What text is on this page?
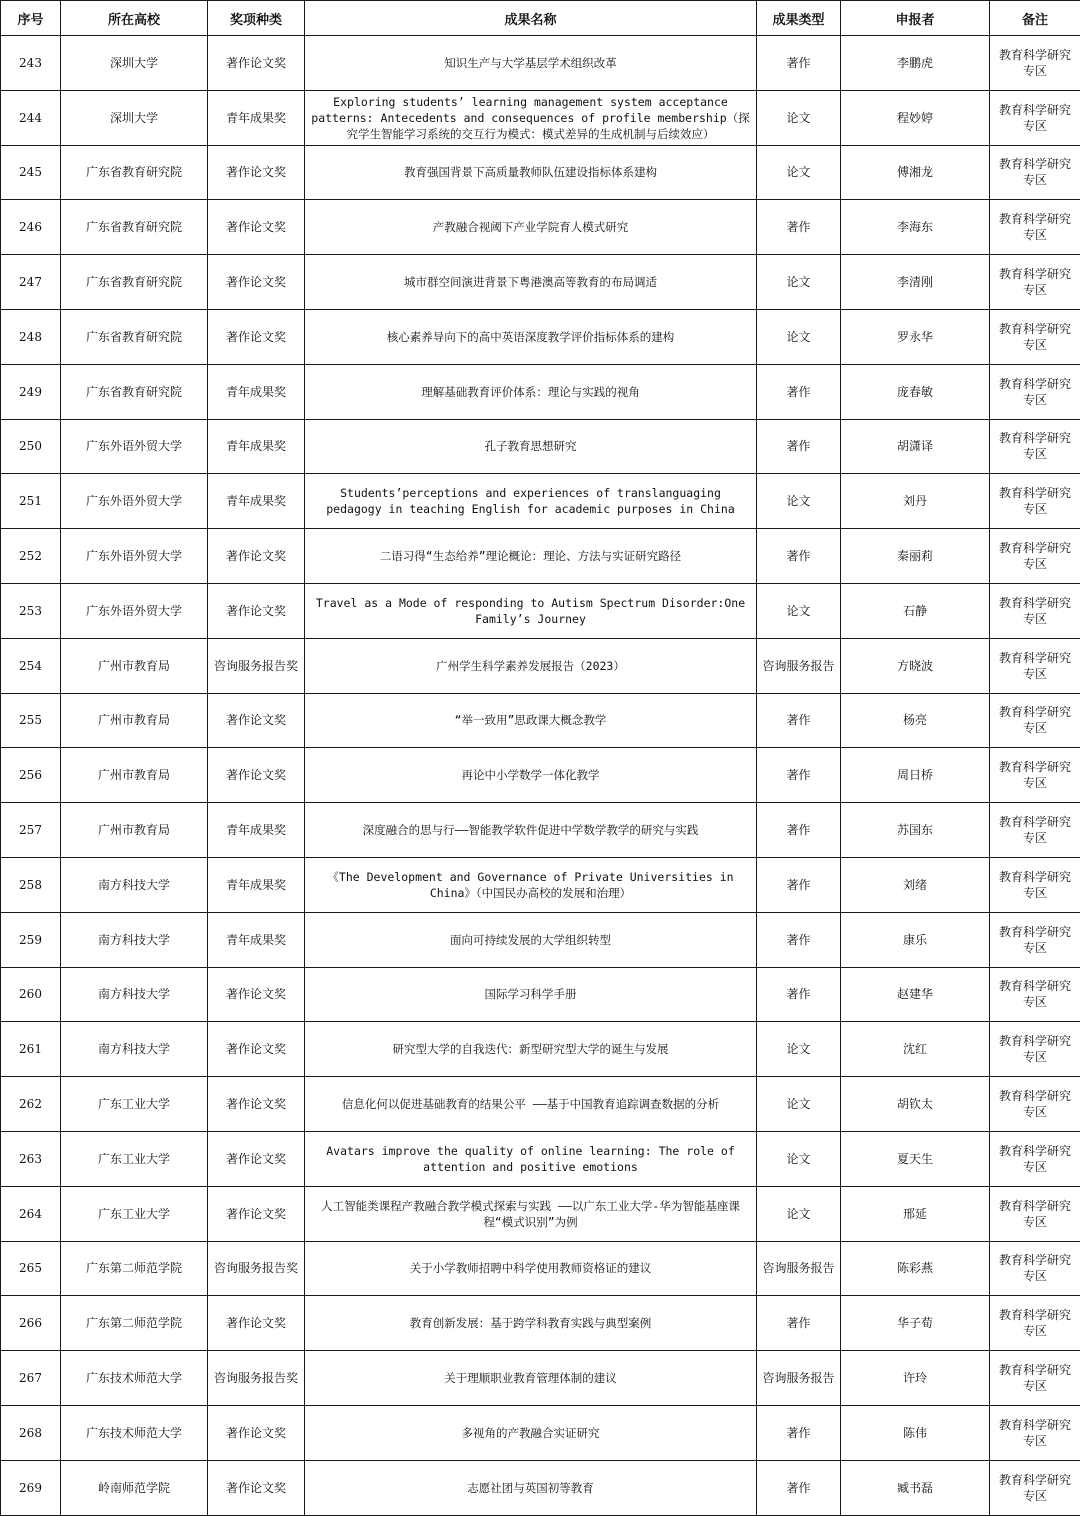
序号	所在高校	奖项种类	成果名称	成果类型	申报者	备注
243	深圳大学	著作论文奖	知识生产与大学基层学术组织改革	著作	李鹏虎	教育科学研究专区
244	深圳大学	青年成果奖	Exploring students’ learning management system acceptance patterns: Antecedents and consequences of profile membership（探究学生智能学习系统的交互行为模式：模式差异的生成机制与后续效应）	论文	程妙婷	教育科学研究专区
245	广东省教育研究院	著作论文奖	教育强国背景下高质量教师队伍建设指标体系建构	论文	傅湘龙	教育科学研究专区
246	广东省教育研究院	著作论文奖	产教融合视阈下产业学院育人模式研究	著作	李海东	教育科学研究专区
247	广东省教育研究院	著作论文奖	城市群空间演进背景下粤港澳高等教育的布局调适	论文	李清刚	教育科学研究专区
248	广东省教育研究院	著作论文奖	核心素养导向下的高中英语深度教学评价指标体系的建构	论文	罗永华	教育科学研究专区
249	广东省教育研究院	青年成果奖	理解基础教育评价体系：理论与实践的视角	著作	庞春敏	教育科学研究专区
250	广东外语外贸大学	青年成果奖	孔子教育思想研究	著作	胡潇译	教育科学研究专区
251	广东外语外贸大学	青年成果奖	Students’perceptions and experiences of translanguaging pedagogy in teaching English for academic purposes in China	论文	刘丹	教育科学研究专区
252	广东外语外贸大学	著作论文奖	二语习得“生态给养”理论概论：理论、方法与实证研究路径	著作	秦丽莉	教育科学研究专区
253	广东外语外贸大学	著作论文奖	Travel as a Mode of responding to Autism Spectrum Disorder:One Family’s Journey	论文	石静	教育科学研究专区
254	广州市教育局	咨询服务报告奖	广州学生科学素养发展报告（2023）	咨询服务报告	方晓波	教育科学研究专区
255	广州市教育局	著作论文奖	“举一致用”思政课大概念教学	著作	杨亮	教育科学研究专区
256	广州市教育局	著作论文奖	再论中小学数学一体化教学	著作	周日桥	教育科学研究专区
257	广州市教育局	青年成果奖	深度融合的思与行——智能教学软件促进中学数学教学的研究与实践	著作	苏国东	教育科学研究专区
258	南方科技大学	青年成果奖	《The Development and Governance of Private Universities in China》（中国民办高校的发展和治理）	著作	刘绪	教育科学研究专区
259	南方科技大学	青年成果奖	面向可持续发展的大学组织转型	著作	康乐	教育科学研究专区
260	南方科技大学	著作论文奖	国际学习科学手册	著作	赵建华	教育科学研究专区
261	南方科技大学	著作论文奖	研究型大学的自我迭代：新型研究型大学的诞生与发展	论文	沈红	教育科学研究专区
262	广东工业大学	著作论文奖	信息化何以促进基础教育的结果公平 ——基于中国教育追踪调查数据的分析	论文	胡钦太	教育科学研究专区
263	广东工业大学	著作论文奖	Avatars improve the quality of online learning: The role of attention and positive emotions	论文	夏天生	教育科学研究专区
264	广东工业大学	著作论文奖	人工智能类课程产教融合教学模式探索与实践 ——以广东工业大学-华为智能基座课程“模式识别”为例	论文	邢延	教育科学研究专区
265	广东第二师范学院	咨询服务报告奖	关于小学教师招聘中科学使用教师资格证的建议	咨询服务报告	陈彩燕	教育科学研究专区
266	广东第二师范学院	著作论文奖	教育创新发展：基于跨学科教育实践与典型案例	著作	华子荀	教育科学研究专区
267	广东技术师范大学	咨询服务报告奖	关于理顺职业教育管理体制的建议	咨询服务报告	许玲	教育科学研究专区
268	广东技术师范大学	著作论文奖	多视角的产教融合实证研究	著作	陈伟	教育科学研究专区
269	岭南师范学院	著作论文奖	志愿社团与英国初等教育	著作	臧书磊	教育科学研究专区
